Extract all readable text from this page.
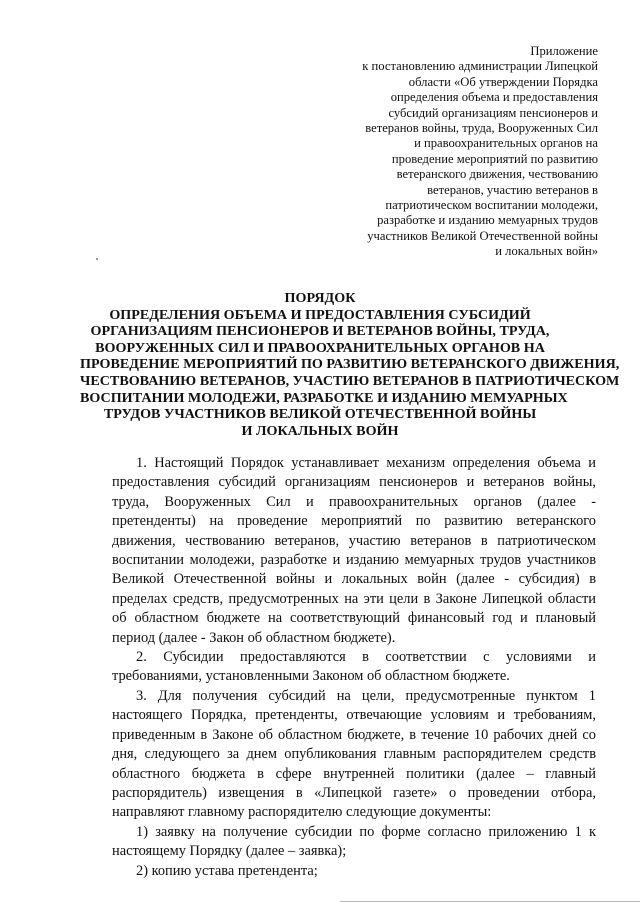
Приложение
к постановлению администрации Липецкой
области «Об утверждении Порядка
определения объема и предоставления
субсидий организациям пенсионеров и
ветеранов войны, труда, Вооруженных Сил
и правоохранительных органов на
проведение мероприятий по развитию
ветеранского движения, чествованию
ветеранов, участию ветеранов в
патриотическом воспитании молодежи,
разработке и изданию мемуарных трудов
участников Великой Отечественной войны
и локальных войн»
ПОРЯДОК
ОПРЕДЕЛЕНИЯ ОБЪЕМА И ПРЕДОСТАВЛЕНИЯ СУБСИДИЙ
ОРГАНИЗАЦИЯМ ПЕНСИОНЕРОВ И ВЕТЕРАНОВ ВОЙНЫ, ТРУДА,
ВООРУЖЕННЫХ СИЛ И ПРАВООХРАНИТЕЛЬНЫХ ОРГАНОВ НА
ПРОВЕДЕНИЕ МЕРОПРИЯТИЙ ПО РАЗВИТИЮ ВЕТЕРАНСКОГО ДВИЖЕНИЯ,
ЧЕСТВОВАНИЮ ВЕТЕРАНОВ, УЧАСТИЮ ВЕТЕРАНОВ В ПАТРИОТИЧЕСКОМ
ВОСПИТАНИИ МОЛОДЕЖИ, РАЗРАБОТКЕ И ИЗДАНИЮ МЕМУАРНЫХ
ТРУДОВ УЧАСТНИКОВ ВЕЛИКОЙ ОТЕЧЕСТВЕННОЙ ВОЙНЫ
И ЛОКАЛЬНЫХ ВОЙН

1. Настоящий Порядок устанавливает механизм определения объема и предоставления субсидий организациям пенсионеров и ветеранов войны, труда, Вооруженных Сил и правоохранительных органов (далее - претенденты) на проведение мероприятий по развитию ветеранского движения, чествованию ветеранов, участию ветеранов в патриотическом воспитании молодежи, разработке и изданию мемуарных трудов участников Великой Отечественной войны и локальных войн (далее - субсидия) в пределах средств, предусмотренных на эти цели в Законе Липецкой области об областном бюджете на соответствующий финансовый год и плановый период (далее - Закон об областном бюджете).

2. Субсидии предоставляются в соответствии с условиями и требованиями, установленными Законом об областном бюджете.

3. Для получения субсидий на цели, предусмотренные пунктом 1 настоящего Порядка, претенденты, отвечающие условиям и требованиям, приведенным в Законе об областном бюджете, в течение 10 рабочих дней со дня, следующего за днем опубликования главным распорядителем средств областного бюджета в сфере внутренней политики (далее – главный распорядитель) извещения в «Липецкой газете» о проведении отбора, направляют главному распорядителю следующие документы:

1) заявку на получение субсидии по форме согласно приложению 1 к настоящему Порядку (далее – заявка);

2) копию устава претендента;
